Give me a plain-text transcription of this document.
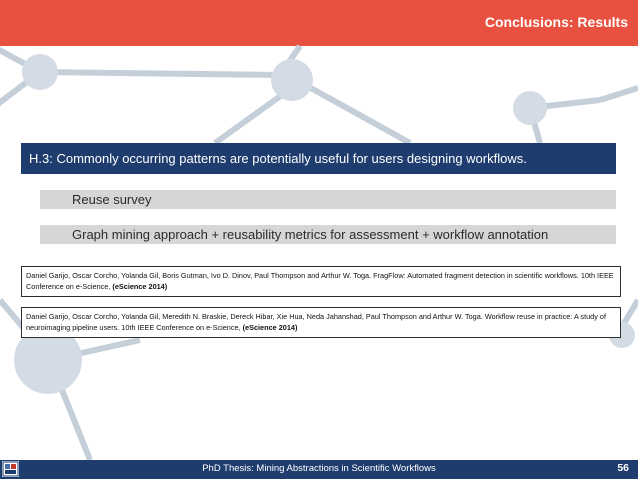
Conclusions: Results
H.3: Commonly occurring patterns are potentially useful for users designing workflows.
Reuse survey
Graph mining approach + reusability metrics for assessment + workflow annotation
Daniel Garijo, Oscar Corcho, Yolanda Gil, Boris Gutman, Ivo D. Dinov, Paul Thompson and Arthur W. Toga. FragFlow: Automated fragment detection in scientific workflows. 10th IEEE Conference on e-Science, (eScience 2014)
Daniel Garijo, Oscar Corcho, Yolanda Gil, Meredith N. Braskie, Dereck Hibar, Xie Hua, Neda Jahanshad, Paul Thompson and Arthur W. Toga. Workflow reuse in practice: A study of neuroimaging pipeline users. 10th IEEE Conference on e-Science, (eScience 2014)
PhD Thesis: Mining Abstractions in Scientific Workflows	56
